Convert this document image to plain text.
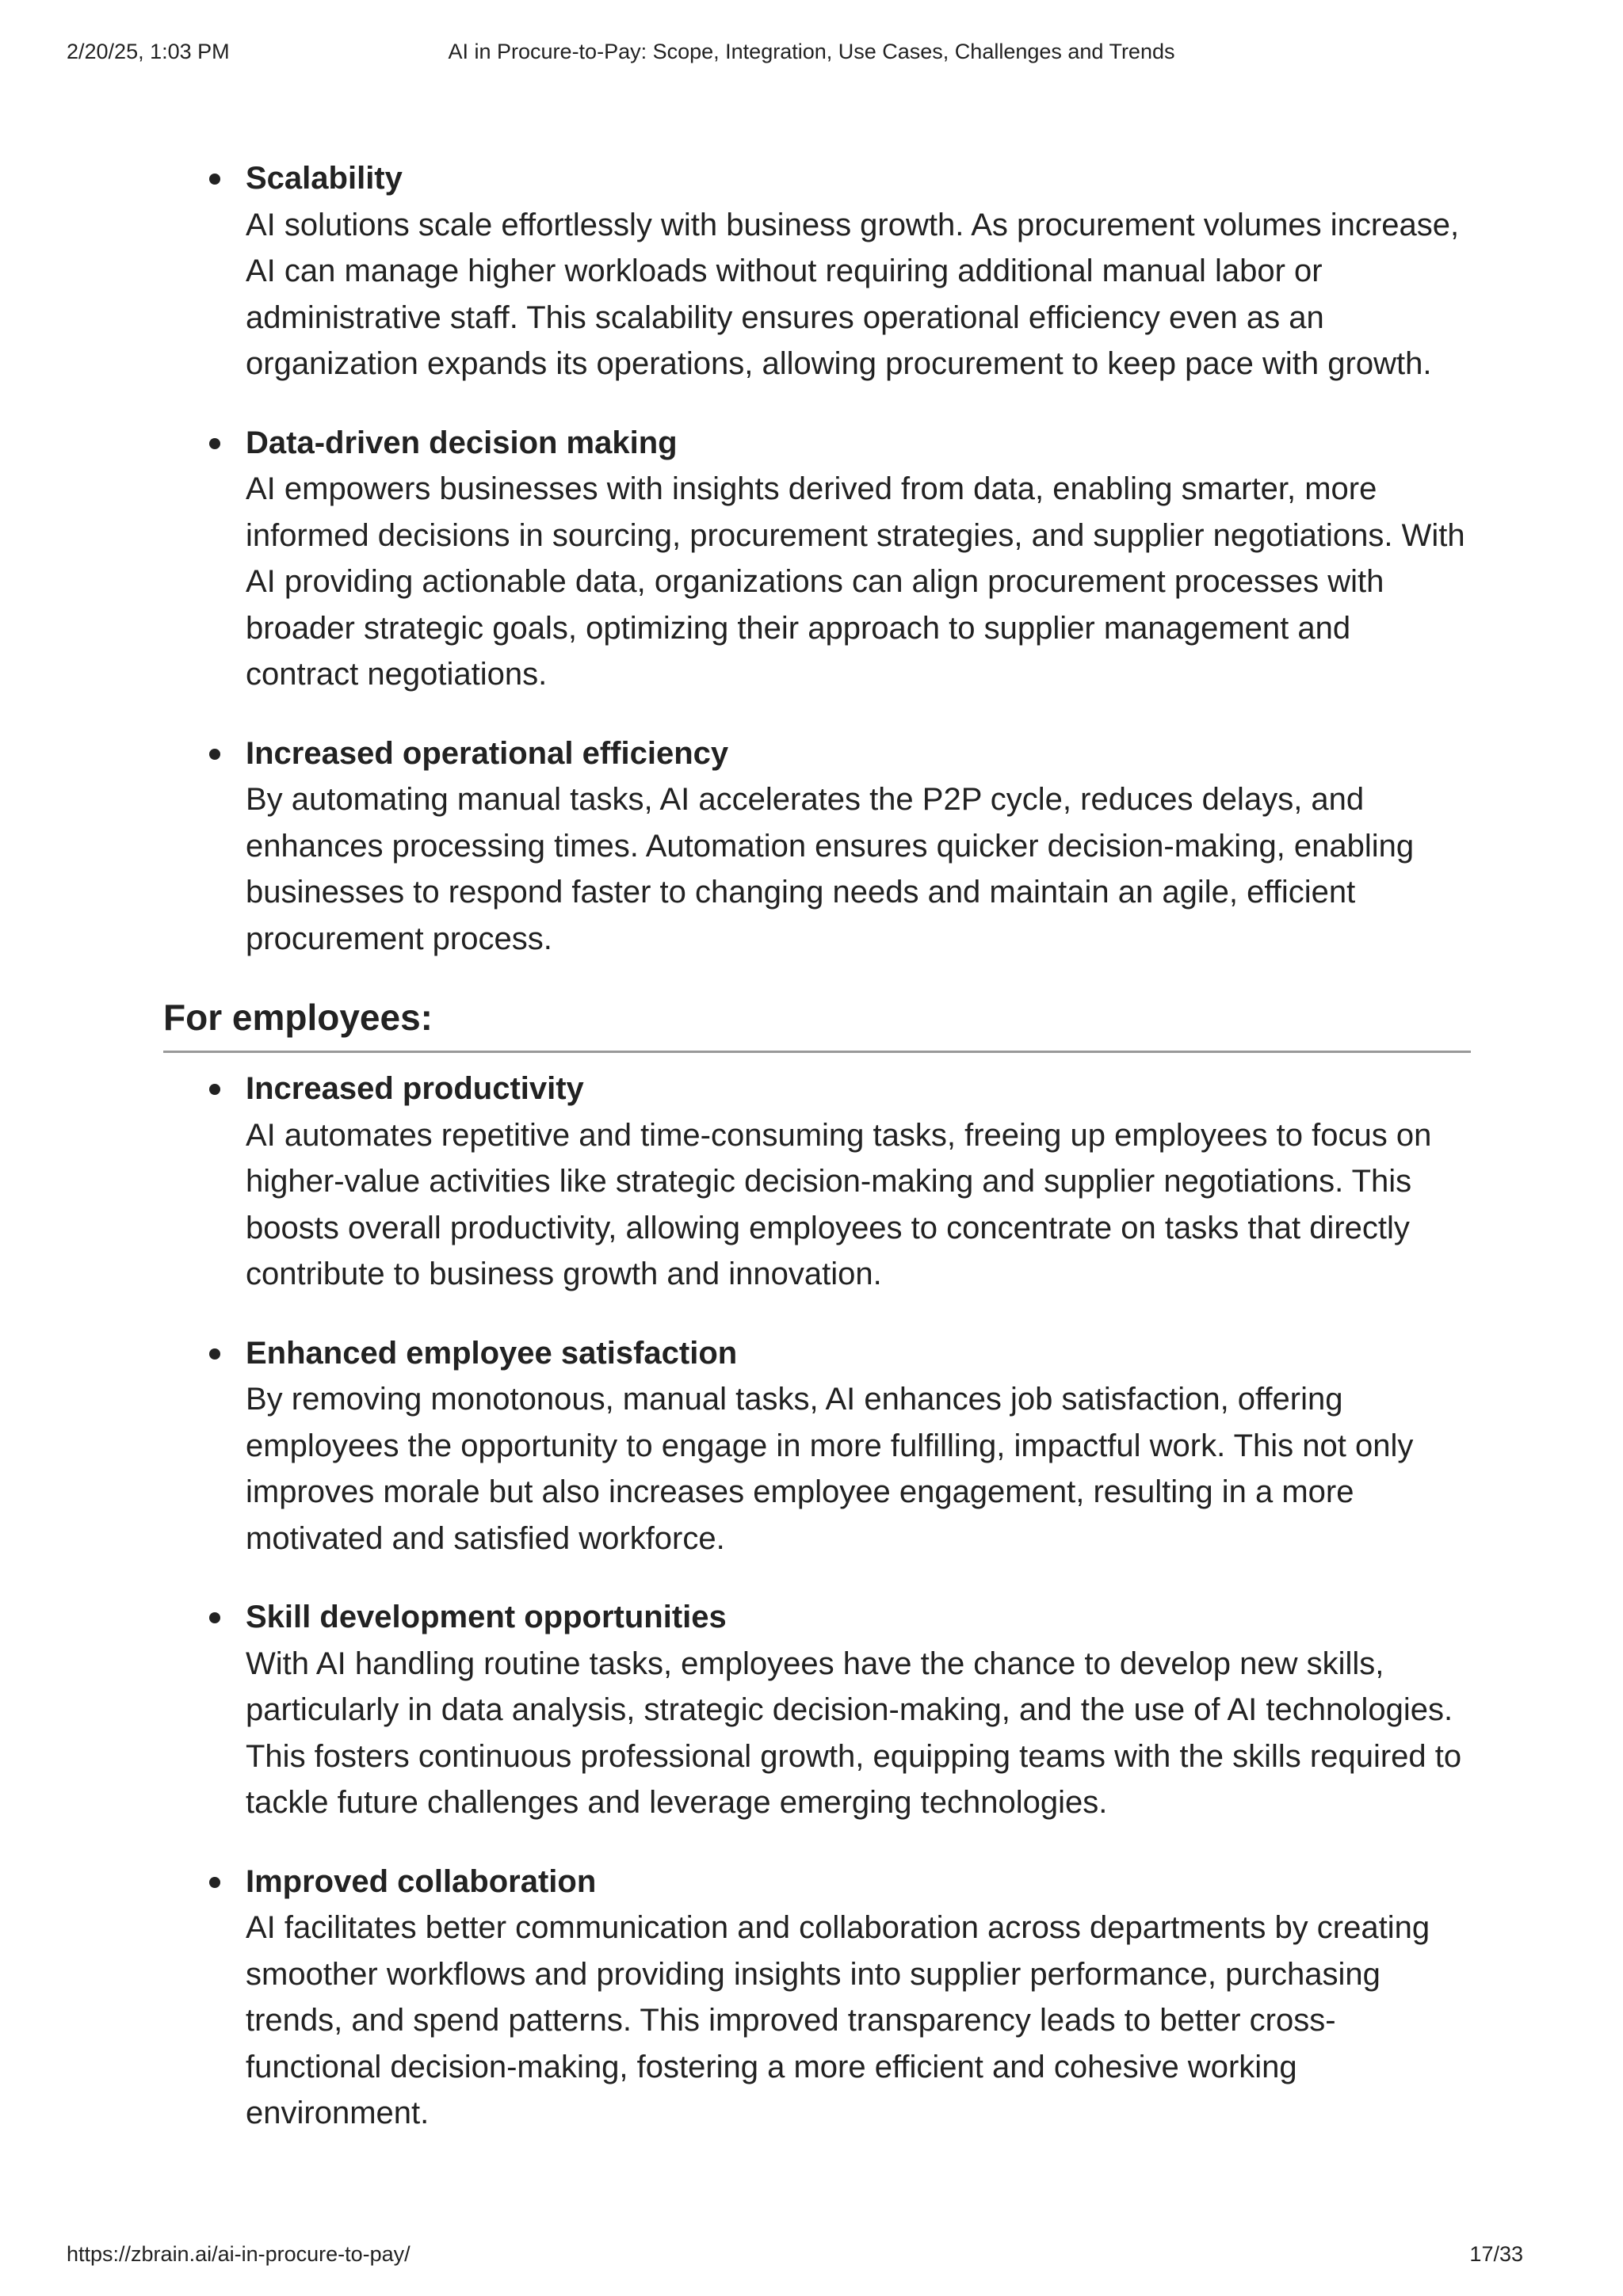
2/20/25, 1:03 PM	AI in Procure-to-Pay: Scope, Integration, Use Cases, Challenges and Trends
Scalability
AI solutions scale effortlessly with business growth. As procurement volumes increase, AI can manage higher workloads without requiring additional manual labor or administrative staff. This scalability ensures operational efficiency even as an organization expands its operations, allowing procurement to keep pace with growth.
Data-driven decision making
AI empowers businesses with insights derived from data, enabling smarter, more informed decisions in sourcing, procurement strategies, and supplier negotiations. With AI providing actionable data, organizations can align procurement processes with broader strategic goals, optimizing their approach to supplier management and contract negotiations.
Increased operational efficiency
By automating manual tasks, AI accelerates the P2P cycle, reduces delays, and enhances processing times. Automation ensures quicker decision-making, enabling businesses to respond faster to changing needs and maintain an agile, efficient procurement process.
For employees:
Increased productivity
AI automates repetitive and time-consuming tasks, freeing up employees to focus on higher-value activities like strategic decision-making and supplier negotiations. This boosts overall productivity, allowing employees to concentrate on tasks that directly contribute to business growth and innovation.
Enhanced employee satisfaction
By removing monotonous, manual tasks, AI enhances job satisfaction, offering employees the opportunity to engage in more fulfilling, impactful work. This not only improves morale but also increases employee engagement, resulting in a more motivated and satisfied workforce.
Skill development opportunities
With AI handling routine tasks, employees have the chance to develop new skills, particularly in data analysis, strategic decision-making, and the use of AI technologies. This fosters continuous professional growth, equipping teams with the skills required to tackle future challenges and leverage emerging technologies.
Improved collaboration
AI facilitates better communication and collaboration across departments by creating smoother workflows and providing insights into supplier performance, purchasing trends, and spend patterns. This improved transparency leads to better cross-functional decision-making, fostering a more efficient and cohesive working environment.
https://zbrain.ai/ai-in-procure-to-pay/	17/33
